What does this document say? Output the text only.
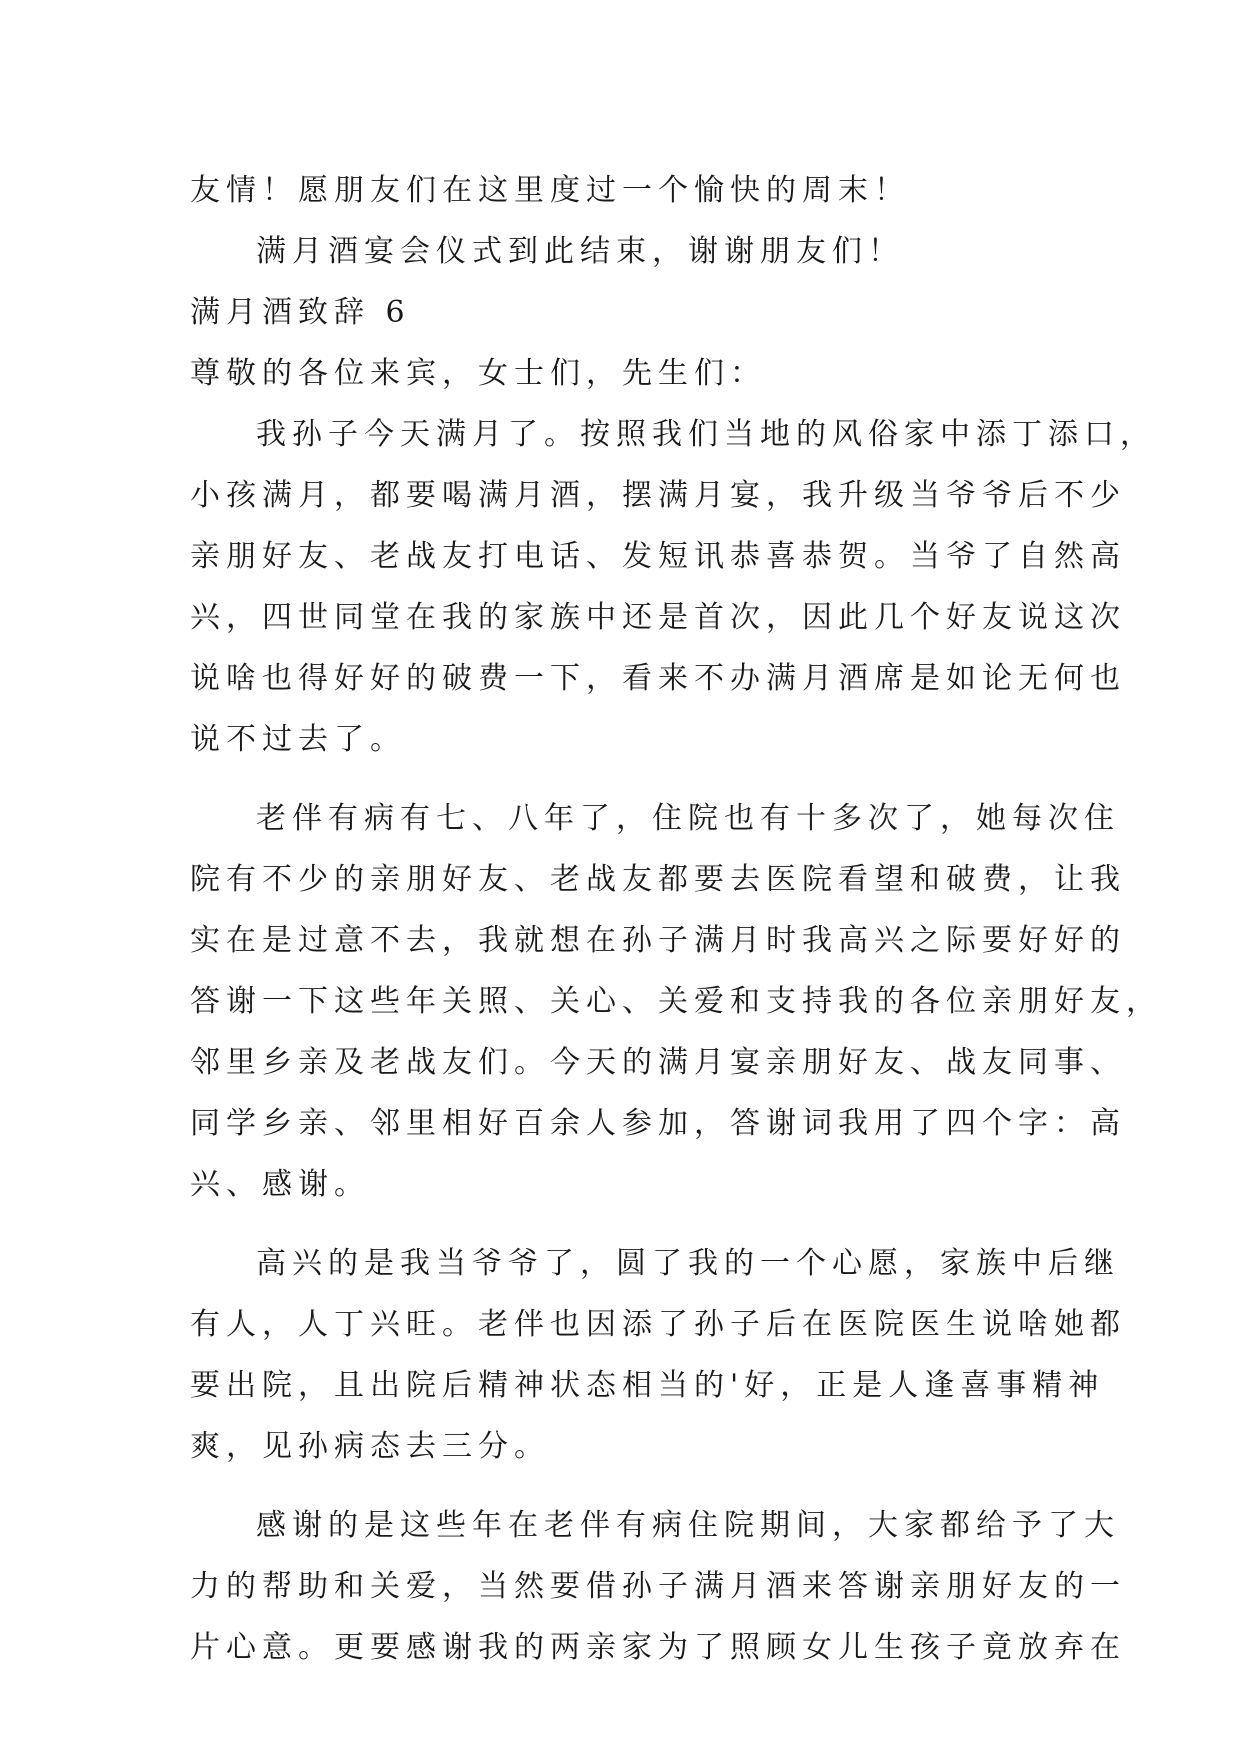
友情！愿朋友们在这里度过一个愉快的周末！
满月酒宴会仪式到此结束，谢谢朋友们！
满月酒致辞 6
尊敬的各位来宾，女士们，先生们：
我孙子今天满月了。按照我们当地的风俗家中添丁添口，
小孩满月，都要喝满月酒，摆满月宴，我升级当爷爷后不少
亲朋好友、老战友打电话、发短讯恭喜恭贺。当爷了自然高
兴，四世同堂在我的家族中还是首次，因此几个好友说这次
说啥也得好好的破费一下，看来不办满月酒席是如论无何也
说不过去了。
老伴有病有七、八年了，住院也有十多次了，她每次住
院有不少的亲朋好友、老战友都要去医院看望和破费，让我
实在是过意不去，我就想在孙子满月时我高兴之际要好好的
答谢一下这些年关照、关心、关爱和支持我的各位亲朋好友，
邻里乡亲及老战友们。今天的满月宴亲朋好友、战友同事、
同学乡亲、邻里相好百余人参加，答谢词我用了四个字：高
兴、感谢。
高兴的是我当爷爷了，圆了我的一个心愿，家族中后继
有人，人丁兴旺。老伴也因添了孙子后在医院医生说啥她都
要出院，且出院后精神状态相当的'好，正是人逢喜事精神
爽，见孙病态去三分。
感谢的是这些年在老伴有病住院期间，大家都给予了大
力的帮助和关爱，当然要借孙子满月酒来答谢亲朋好友的一
片心意。更要感谢我的两亲家为了照顾女儿生孩子竟放弃在
